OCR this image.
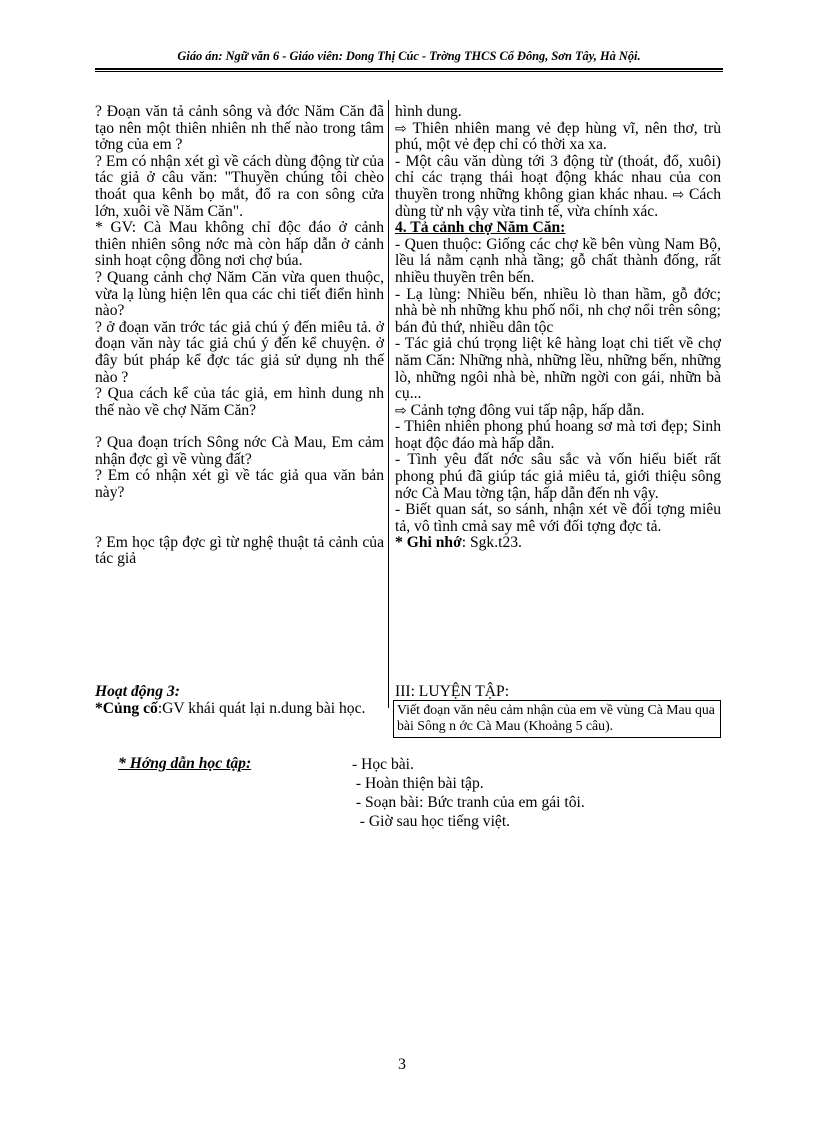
Giáo án: Ngữ văn 6 - Giáo viên: Dong Thị Cúc - Trờng THCS Cổ Đông, Sơn Tây, Hà Nội.

? Đoạn văn tả cảnh sông và đớc Năm Căn đã tạo nên một thiên nhiên nh thế nào trong tâm tởng của em ?

? Em có nhận xét gì về cách dùng động từ của tác giả ở câu văn: "Thuyền chúng tôi chèo thoát qua kênh bọ mắt, đổ ra con sông cửa lớn, xuôi về Năm Căn".

* GV: Cà Mau không chỉ độc đáo ở cảnh thiên nhiên sông nớc mà còn hấp dẫn ở cảnh sinh hoạt cộng đồng nơi chợ búa.

? Quang cảnh chợ Năm Căn vừa quen thuộc, vừa lạ lùng hiện lên qua các chi tiết điển hình nào?

? ở đoạn văn trớc tác giả chú ý đến miêu tả. ở đoạn văn này tác giả chú ý đến kể chuyện. ở đây bút pháp kể đợc tác giả sử dụng nh thế nào ?

? Qua cách kể của tác giả, em hình dung nh thế nào về chợ Năm Căn?

? Qua đoạn trích Sông nớc Cà Mau, Em cảm nhận đợc gì về vùng đất?

? Em có nhận xét gì về tác giả qua văn bản này?

? Em học tập đợc gì từ nghệ thuật tả cảnh của tác giả

hình dung.

⇨ Thiên nhiên mang vẻ đẹp hùng vĩ, nên thơ, trù phú, một vẻ đẹp chỉ có thời xa xa.

- Một câu văn dùng tới 3 động từ (thoát, đổ, xuôi) chỉ các trạng thái hoạt động khác nhau của con thuyền trong những không gian khác nhau. ⇨ Cách dùng từ nh vậy vừa tinh tế, vừa chính xác.

4. Tả cảnh chợ Năm Căn:

- Quen thuộc: Giống các chợ kề bên vùng Nam Bộ, lều lá nằm cạnh nhà tầng; gỗ chất thành đống, rất nhiều thuyền trên bến.

- Lạ lùng: Nhiều bến, nhiều lò than hầm, gỗ đớc; nhà bè nh những khu phố nổi, nh chợ nổi trên sông; bán đủ thứ, nhiều dân tộc

- Tác giả chú trọng liệt kê hàng loạt chi tiết về chợ năm Căn: Những nhà, những lều, những bến, những lò, những ngôi nhà bè, nhữn ngời con gái, nhữn bà cụ...

⇨ Cảnh tợng đông vui tấp nập, hấp dẫn.

- Thiên nhiên phong phú hoang sơ mà tơi đẹp; Sinh hoạt độc đáo mà hấp dẫn.

- Tình yêu đất nớc sâu sắc và vốn hiểu biết rất phong phú đã giúp tác giả miêu tả, giới thiệu sông nớc Cà Mau tờng tận, hấp dẫn đến nh vậy.

- Biết quan sát, so sánh, nhận xét về đối tợng miêu tả, vô tình cmả say mê với đối tợng đợc tả.

* Ghi nhớ: Sgk.t23.

Hoạt động 3:

*Củng cố:GV khái quát lại n.dung bài học.

III: LUYỆN TẬP:
Viết đoạn văn nêu cảm nhận của em về vùng Cà Mau qua bài Sông n ớc Cà Mau (Khoảng 5 câu).
* Hớng dẫn học tập:	- Học bài.

- Hoàn thiện bài tập.

- Soạn bài: Bức tranh của em gái tôi.

- Giờ sau học tiếng việt.

3
